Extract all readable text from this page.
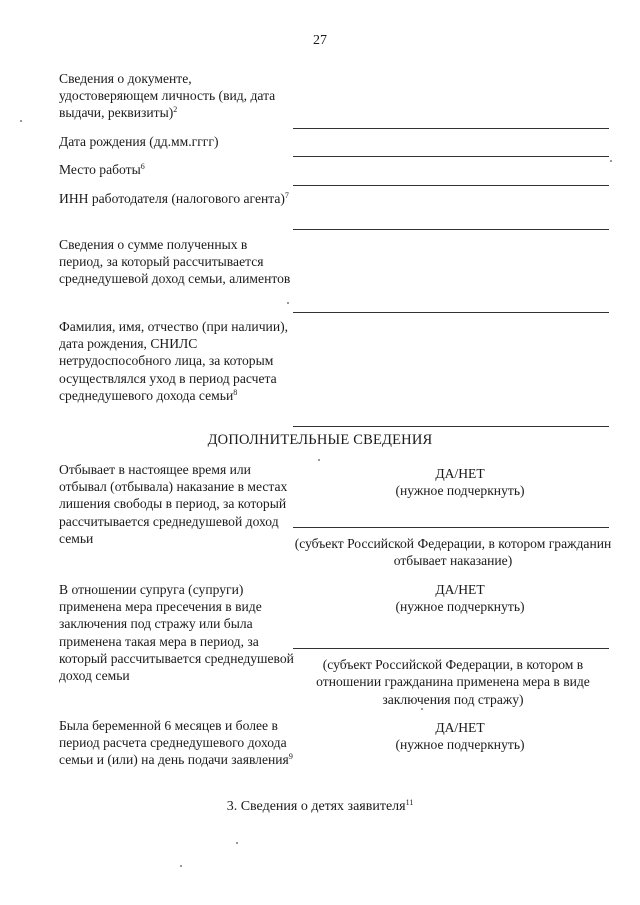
27
Сведения о документе, удостоверяющем личность (вид, дата выдачи, реквизиты)$^2$
Дата рождения (дд.мм.гггг)
Место работы$^6$
ИНН работодателя (налогового агента)$^7$
Сведения о сумме полученных в период, за который рассчитывается среднедушевой доход семьи, алиментов
Фамилия, имя, отчество (при наличии), дата рождения, СНИЛС нетрудоспособного лица, за которым осуществлялся уход в период расчета среднедушевого дохода семьи$^8$
ДОПОЛНИТЕЛЬНЫЕ СВЕДЕНИЯ
Отбывает в настоящее время или отбывал (отбывала) наказание в местах лишения свободы в период, за который рассчитывается среднедушевой доход семьи
ДА/НЕТ
(нужное подчеркнуть)
(субъект Российской Федерации, в котором гражданин отбывает наказание)
В отношении супруга (супруги) применена мера пресечения в виде заключения под стражу или была применена такая мера в период, за который рассчитывается среднедушевой доход семьи
ДА/НЕТ
(нужное подчеркнуть)
(субъект Российской Федерации, в котором в отношении гражданина применена мера в виде заключения под стражу)
Была беременной 6 месяцев и более в период расчета среднедушевого дохода семьи и (или) на день подачи заявления$^9$
ДА/НЕТ
(нужное подчеркнуть)
3. Сведения о детях заявителя$^{11}$
